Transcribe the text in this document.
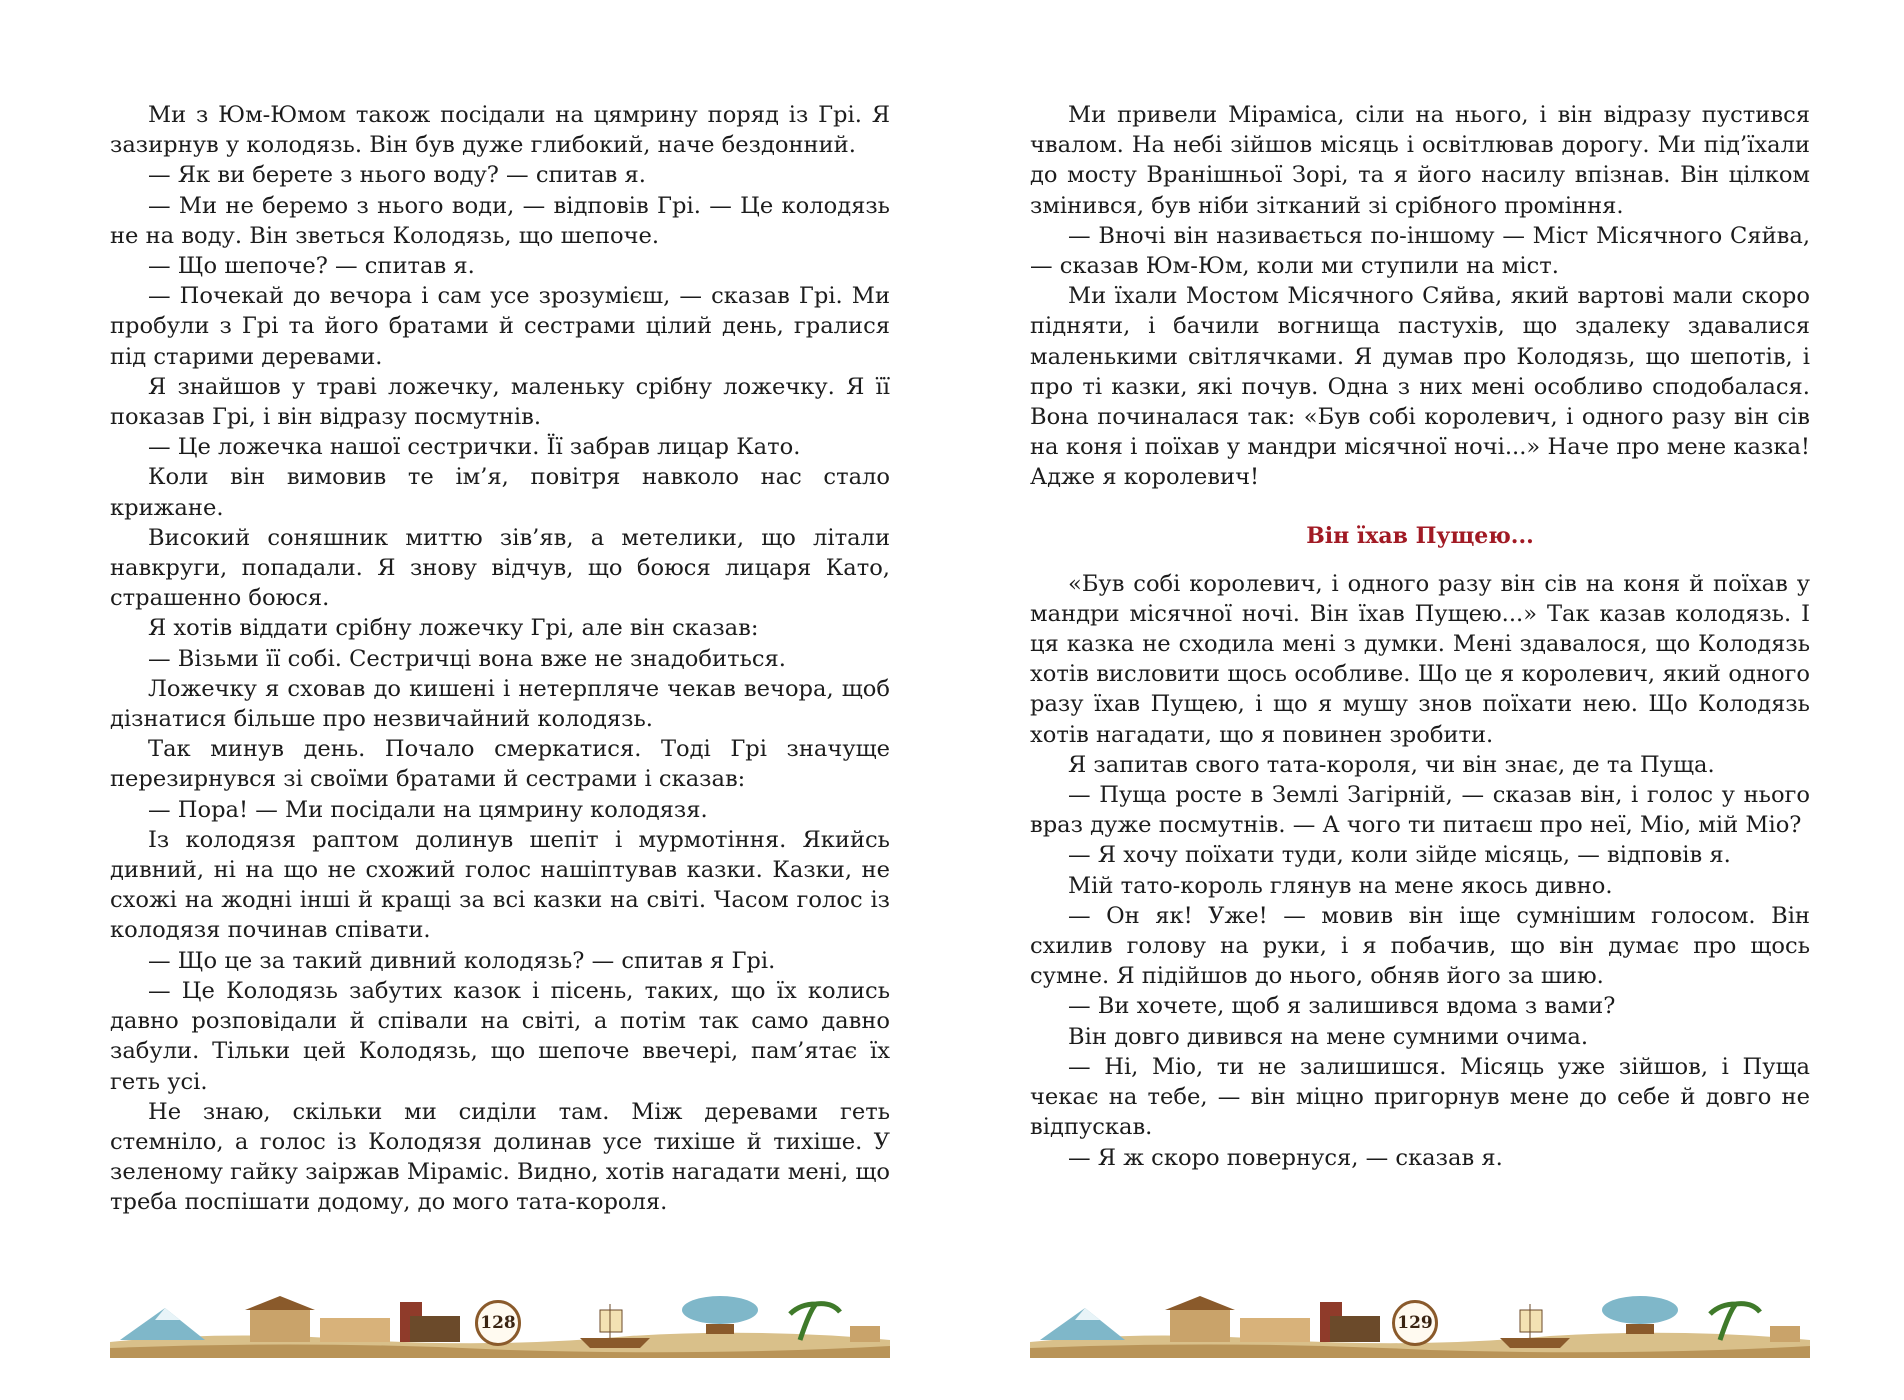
Ми з Юм-Юмом також посідали на цямрину поряд із Грі. Я зазирнув у колодязь. Він був дуже глибокий, наче бездонний.

— Як ви берете з нього воду? — спитав я.

— Ми не беремо з нього води, — відповів Грі. — Це колодязь не на воду. Він зветься Колодязь, що шепоче.

— Що шепоче? — спитав я.

— Почекай до вечора і сам усе зрозумієш, — сказав Грі. Ми пробули з Грі та його братами й сестрами цілий день, гралися під старими деревами.

Я знайшов у траві ложечку, маленьку срібну ложечку. Я її показав Грі, і він відразу посмутнів.

— Це ложечка нашої сестрички. Її забрав лицар Като.

Коли він вимовив те ім’я, повітря навколо нас стало крижане.

Високий соняшник миттю зів’яв, а метелики, що літали навкруги, попадали. Я знову відчув, що боюся лицаря Като, страшенно боюся.

Я хотів віддати срібну ложечку Грі, але він сказав:

— Візьми її собі. Сестричці вона вже не знадобиться.

Ложечку я сховав до кишені і нетерпляче чекав вечора, щоб дізнатися більше про незвичайний колодязь.

Так минув день. Почало смеркатися. Тоді Грі значуще перезирнувся зі своїми братами й сестрами і сказав:

— Пора! — Ми посідали на цямрину колодязя.

Із колодязя раптом долинув шепіт і мурмотіння. Якийсь дивний, ні на що не схожий голос нашіптував казки. Казки, не схожі на жодні інші й кращі за всі казки на світі. Часом голос із колодязя починав співати.

— Що це за такий дивний колодязь? — спитав я Грі.

— Це Колодязь забутих казок і пісень, таких, що їх колись давно розповідали й співали на світі, а потім так само давно забули. Тільки цей Колодязь, що шепоче ввечері, пам’ятає їх геть усі.

Не знаю, скільки ми сиділи там. Між деревами геть стемніло, а голос із Колодязя долинав усе тихіше й тихіше. У зеленому гайку заіржав Міраміс. Видно, хотів нагадати мені, що треба поспішати додому, до мого тата-короля.

Ми привели Міраміса, сіли на нього, і він відразу пустився чвалом. На небі зійшов місяць і освітлював дорогу. Ми під’їхали до мосту Вранішньої Зорі, та я його насилу впізнав. Він цілком змінився, був ніби зітканий зі срібного проміння.

— Вночі він називається по-іншому — Міст Місячного Сяйва, — сказав Юм-Юм, коли ми ступили на міст.

Ми їхали Мостом Місячного Сяйва, який вартові мали скоро підняти, і бачили вогнища пастухів, що здалеку здавалися маленькими світлячками. Я думав про Колодязь, що шепотів, і про ті казки, які почув. Одна з них мені особливо сподобалася. Вона починалася так: «Був собі королевич, і одного разу він сів на коня і поїхав у мандри місячної ночі...» Наче про мене казка! Адже я королевич!

Він їхав Пущею...

«Був собі королевич, і одного разу він сів на коня й поїхав у мандри місячної ночі. Він їхав Пущею...» Так казав колодязь. І ця казка не сходила мені з думки. Мені здавалося, що Колодязь хотів висловити щось особливе. Що це я королевич, який одного разу їхав Пущею, і що я мушу знов поїхати нею. Що Колодязь хотів нагадати, що я повинен зробити.

Я запитав свого тата-короля, чи він знає, де та Пуща.

— Пуща росте в Землі Загірній, — сказав він, і голос у нього враз дуже посмутнів. — А чого ти питаєш про неї, Міо, мій Міо?

— Я хочу поїхати туди, коли зійде місяць, — відповів я.

Мій тато-король глянув на мене якось дивно.

— Он як! Уже! — мовив він іще сумнішим голосом. Він схилив голову на руки, і я побачив, що він думає про щось сумне. Я підійшов до нього, обняв його за шию.

— Ви хочете, щоб я залишився вдома з вами?

Він довго дивився на мене сумними очима.

— Ні, Міо, ти не залишишся. Місяць уже зійшов, і Пуща чекає на тебе, — він міцно пригорнув мене до себе й довго не відпускав.

— Я ж скоро повернуся, — сказав я.

128	129
